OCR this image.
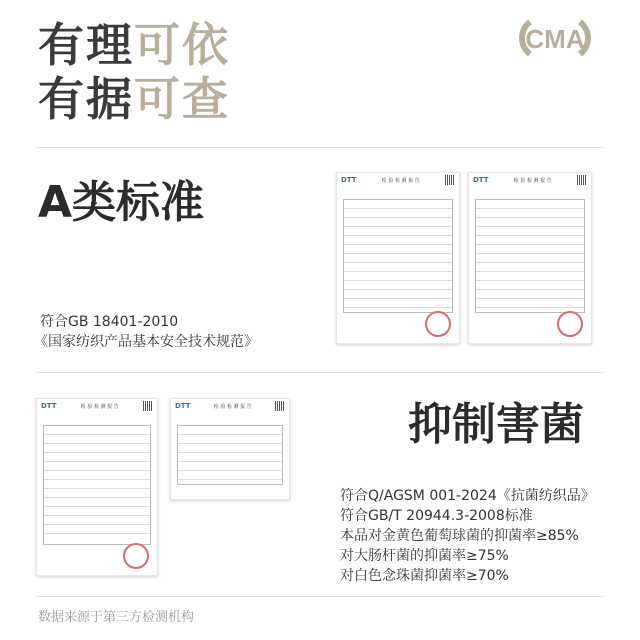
有理可依
有据可查
CMA
A类标准
符合GB 18401-2010
《国家纺织产品基本安全技术规范》
DTT	检 验 检 测 报 告	DTT	检 验 检 测 报 告
DTT	检 验 检 测 报 告	DTT	检 验 检 测 报 告	抑制害菌
符合Q/AGSM 001-2024《抗菌纺织品》
符合GB/T 20944.3-2008标准
本品对金黄色葡萄球菌的抑菌率≥85%
对大肠杆菌的抑菌率≥75%
对白色念珠菌抑菌率≥70%
数据来源于第三方检测机构
